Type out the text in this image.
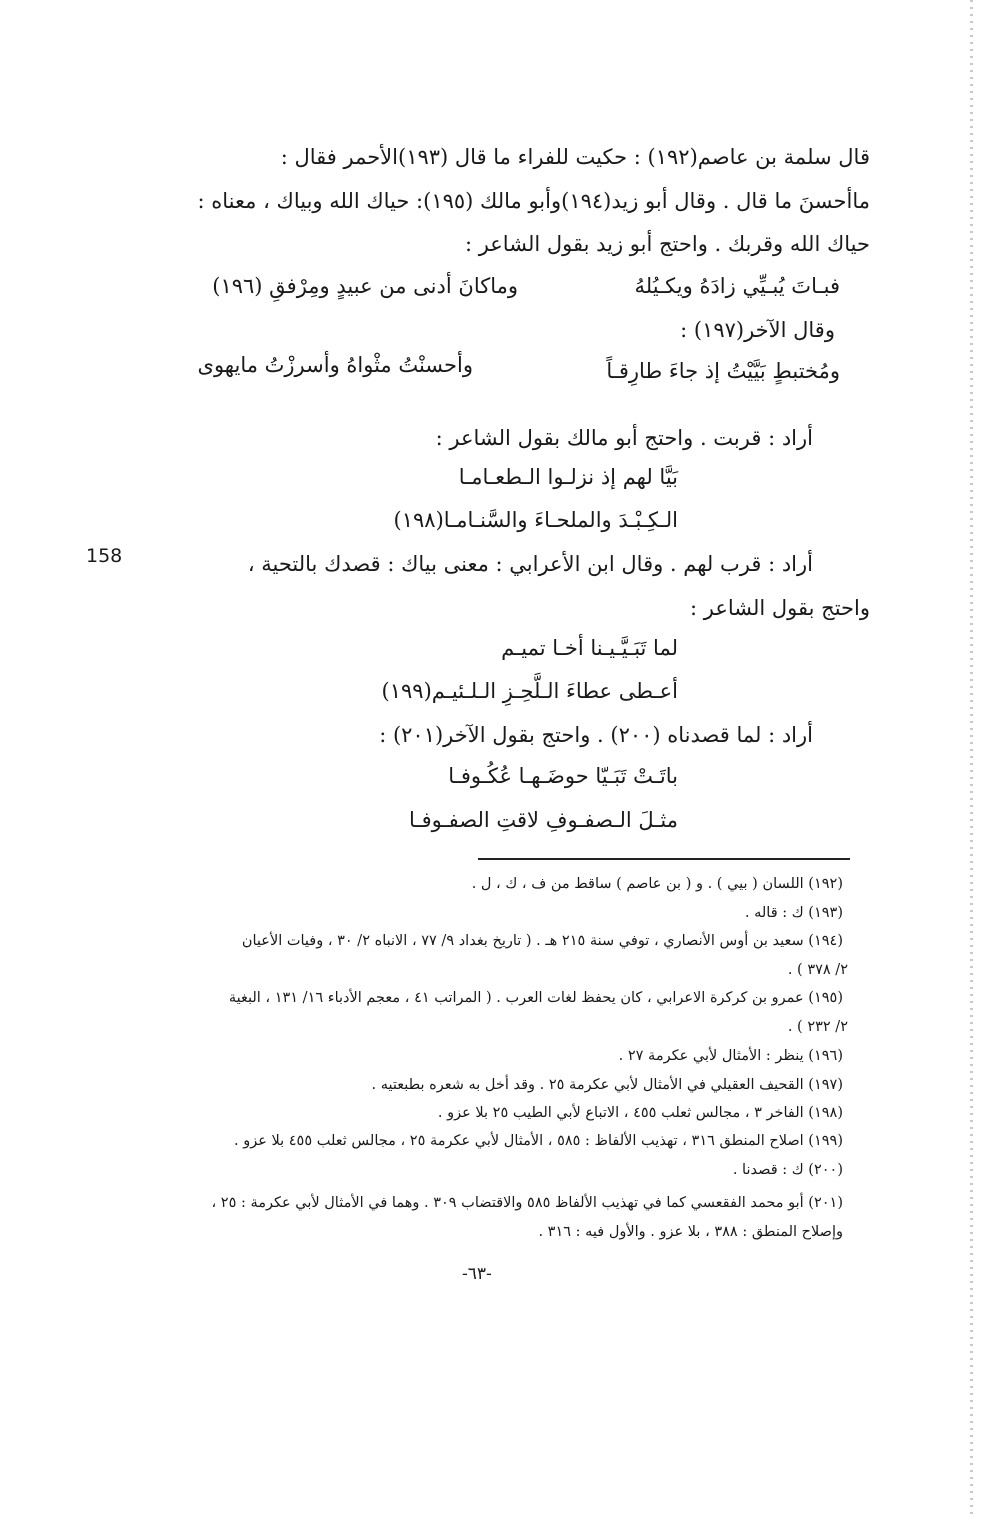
قال سلمة بن عاصم(١٩٢) : حكيت للفراء ما قال (١٩٣)الأحمر فقال :
ماأحسنَ ما قال . وقال أبو زيد(١٩٤)وأبو مالك (١٩٥): حياك الله وبياك ، معناه :
حياك الله وقربك . واحتج أبو زيد بقول الشاعر :
فبـاتَ يُبـيِّي زادَهُ ويكـيُلهُ
وماكانَ أدنى من عبيدٍ ومِرْفقِ (١٩٦)
وقال الآخر(١٩٧) :
ومُختبطٍ بَيَّيْتُ إذ جاءَ طارِقـاً
وأحسنْتُ مثْواهُ وأسرزْتُ مايهوى
أراد : قربت . واحتج أبو مالك بقول الشاعر :
بَيَّا لهم إذ نزلـوا الـطعـامـا
الـكِـبْـدَ والملحـاءَ والسَّنـامـا(١٩٨)
158	أراد : قرب لهم . وقال ابن الأعرابي : معنى بياك : قصدك بالتحية ،
واحتج بقول الشاعر :
لما تَبَـيَّـيـنا أخـا تميـم
أعـطى عطاءَ الـلَّحِـزِ الـلـئيـم(١٩٩)
أراد : لما قصدناه (٢٠٠) . واحتج بقول الآخر(٢٠١) :
باتَـتْ تَبَـيّا حوضَـهـا عُكُـوفـا
مثـلَ الـصفـوفِ لاقتِ الصفـوفـا
(١٩٢) اللسان ( بيي ) . و ( بن عاصم ) ساقط من ف ، ك ، ل .
(١٩٣) ك : قاله .
(١٩٤) سعيد بن أوس الأنصاري ، توفي سنة ٢١٥ هـ . ( تاريخ بغداد ٩/ ٧٧ ، الانباه ٢/ ٣٠ ، وفيات الأعيان
٢/ ٣٧٨ ) .
(١٩٥) عمرو بن كركرة الاعرابي ، كان يحفظ لغات العرب . ( المراتب ٤١ ، معجم الأدباء ١٦/ ١٣١ ، البغية
٢/ ٢٣٢ ) .
(١٩٦) ينظر : الأمثال لأبي عكرمة ٢٧ .
(١٩٧) القحيف العقيلي في الأمثال لأبي عكرمة ٢٥ . وقد أخل به شعره بطبعتيه .
(١٩٨) الفاخر ٣ ، مجالس ثعلب ٤٥٥ ، الاتباع لأبي الطيب ٢٥ بلا عزو .
(١٩٩) اصلاح المنطق ٣١٦ ، تهذيب الألفاظ : ٥٨٥ ، الأمثال لأبي عكرمة ٢٥ ، مجالس ثعلب ٤٥٥ بلا عزو .
(٢٠٠) ك : قصدنا .
(٢٠١) أبو محمد الفقعسي كما في تهذيب الألفاظ ٥٨٥ والاقتضاب ٣٠٩ . وهما في الأمثال لأبي عكرمة : ٢٥ ،
وإصلاح المنطق : ٣٨٨ ، بلا عزو . والأول فيه : ٣١٦ .
-٦٣-
